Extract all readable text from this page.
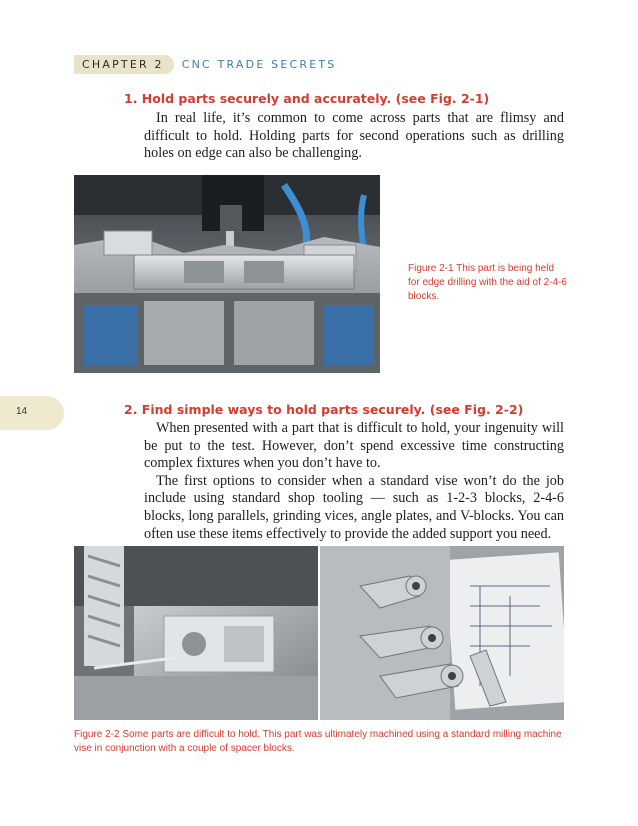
CHAPTER 2	CNC TRADE SECRETS
1. Hold parts securely and accurately. (see Fig. 2-1)

In real life, it’s common to come across parts that are flimsy and difficult to hold. Holding parts for second operations such as drilling holes on edge can also be challenging.

Figure 2-1 This part is being held for edge drilling with the aid of 2-4-6 blocks.
14	2. Find simple ways to hold parts securely. (see Fig. 2-2)

When presented with a part that is difficult to hold, your ingenuity will be put to the test. However, don’t spend excessive time constructing complex fixtures when you don’t have to.

The first options to consider when a standard vise won’t do the job include using standard shop tooling — such as 1-2-3 blocks, 2-4-6 blocks, long parallels, grinding vices, angle plates, and V-blocks. You can often use these items effectively to provide the added support you need.

Figure 2-2 Some parts are difficult to hold. This part was ultimately machined using a standard milling machine vise in conjunction with a couple of spacer blocks.
